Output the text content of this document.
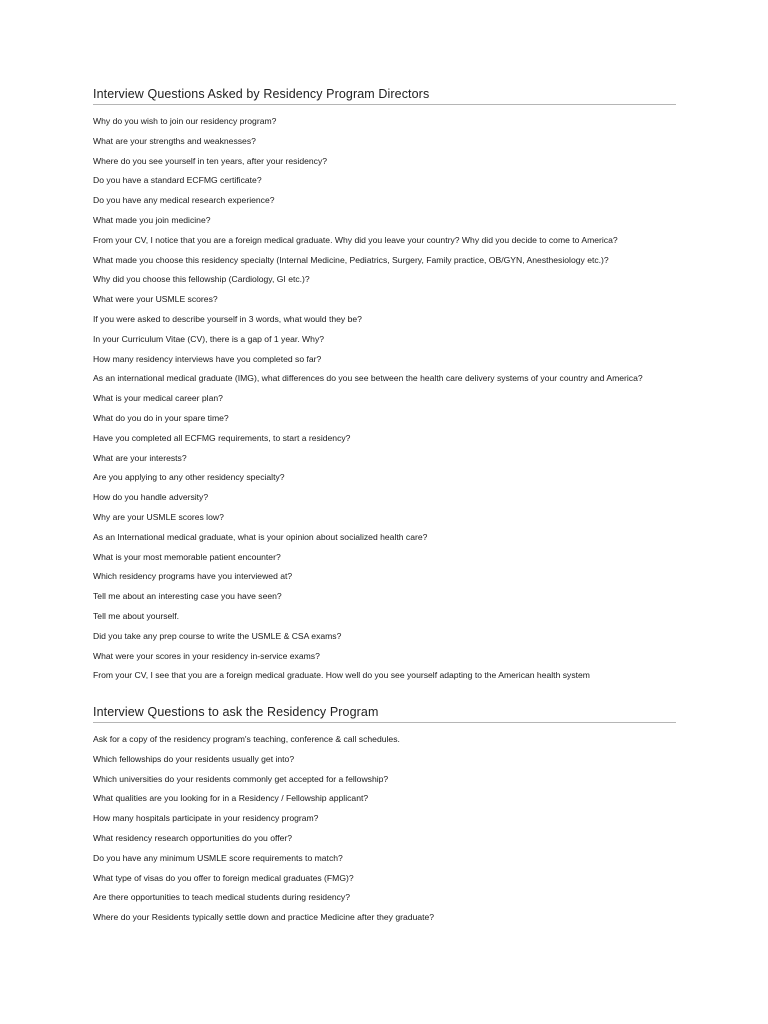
Interview Questions Asked by Residency Program Directors
Why do you wish to join our residency program?
What are your strengths and weaknesses?
Where do you see yourself in ten years, after your residency?
Do you have a standard ECFMG certificate?
Do you have any medical research experience?
What made you join medicine?
From your CV, I notice that you are a foreign medical graduate. Why did you leave your country? Why did you decide to come to America?
What made you choose this residency specialty (Internal Medicine, Pediatrics, Surgery, Family practice, OB/GYN, Anesthesiology etc.)?
Why did you choose this fellowship (Cardiology, GI etc.)?
What were your USMLE scores?
If you were asked to describe yourself in 3 words, what would they be?
In your Curriculum Vitae (CV), there is a gap of 1 year. Why?
How many residency interviews have you completed so far?
As an international medical graduate (IMG), what differences do you see between the health care delivery systems of your country and America?
What is your medical career plan?
What do you do in your spare time?
Have you completed all ECFMG requirements, to start a residency?
What are your interests?
Are you applying to any other residency specialty?
How do you handle adversity?
Why are your USMLE scores low?
As an International medical graduate, what is your opinion about socialized health care?
What is your most memorable patient encounter?
Which residency programs have you interviewed at?
Tell me about an interesting case you have seen?
Tell me about yourself.
Did you take any prep course to write the USMLE & CSA exams?
What were your scores in your residency in-service exams?
From your CV, I see that you are a foreign medical graduate. How well do you see yourself adapting to the American health system
Interview Questions to ask the Residency Program
Ask for a copy of the residency program's teaching, conference & call schedules.
Which fellowships do your residents usually get into?
Which universities do your residents commonly get accepted for a fellowship?
What qualities are you looking for in a Residency / Fellowship applicant?
How many hospitals participate in your residency program?
What residency research opportunities do you offer?
Do you have any minimum USMLE score requirements to match?
What type of visas do you offer to foreign medical graduates (FMG)?
Are there opportunities to teach medical students during residency?
Where do your Residents typically settle down and practice Medicine after they graduate?
